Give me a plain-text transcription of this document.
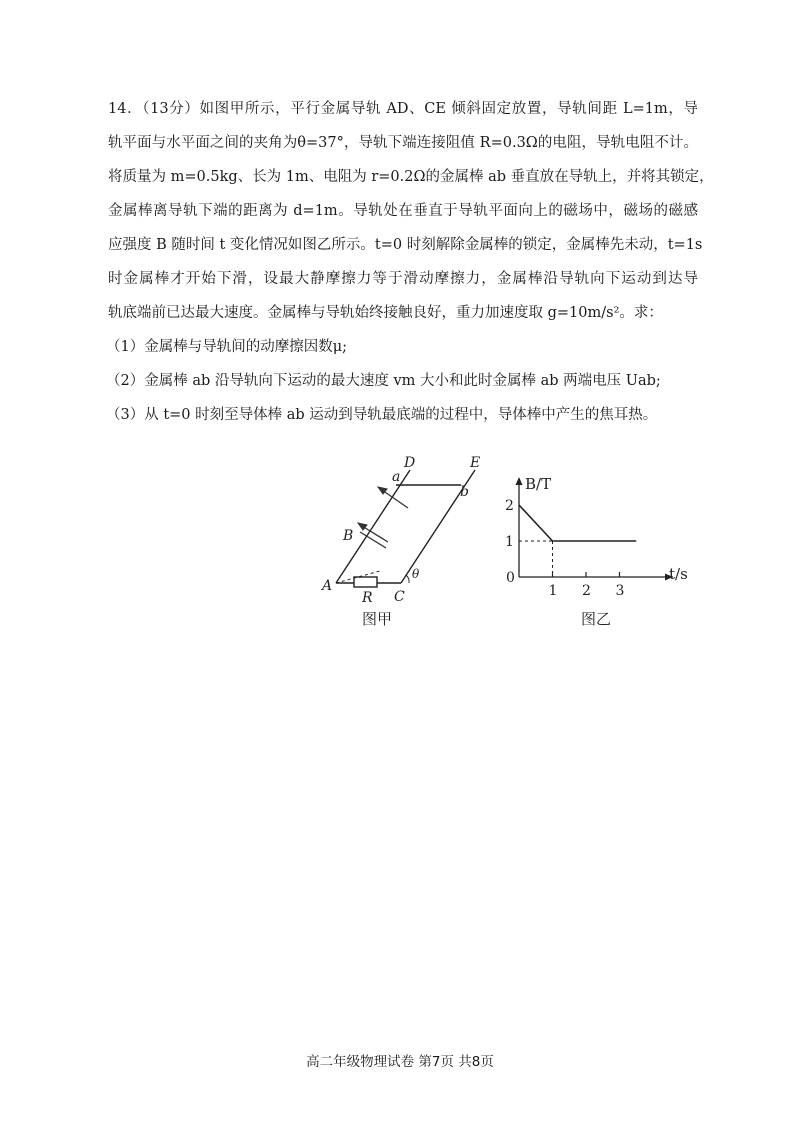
14．（13分）如图甲所示，平行金属导轨 AD、CE 倾斜固定放置，导轨间距 L=1m，导
轨平面与水平面之间的夹角为θ=37°，导轨下端连接阻值 R=0.3Ω的电阻，导轨电阻不计。
将质量为 m=0.5kg、长为 1m、电阻为 r=0.2Ω的金属棒 ab 垂直放在导轨上，并将其锁定，
金属棒离导轨下端的距离为 d=1m。导轨处在垂直于导轨平面向上的磁场中，磁场的磁感
应强度 B 随时间 t 变化情况如图乙所示。t=0 时刻解除金属棒的锁定，金属棒先未动，t=1s
时金属棒才开始下滑，设最大静摩擦力等于滑动摩擦力，金属棒沿导轨向下运动到达导
轨底端前已达最大速度。金属棒与导轨始终接触良好，重力加速度取 g=10m/s²。求：
（1）金属棒与导轨间的动摩擦因数μ;
（2）金属棒 ab 沿导轨向下运动的最大速度 vm 大小和此时金属棒 ab 两端电压 Uab;
（3）从 t=0 时刻至导体棒 ab 运动到导轨最底端的过程中，导体棒中产生的焦耳热。
D	E
a
b
B
A
R C
θ
图甲
1 2 3
1
2
B/T
t/s
0
图乙
高二年级物理试卷 第7页 共8页
